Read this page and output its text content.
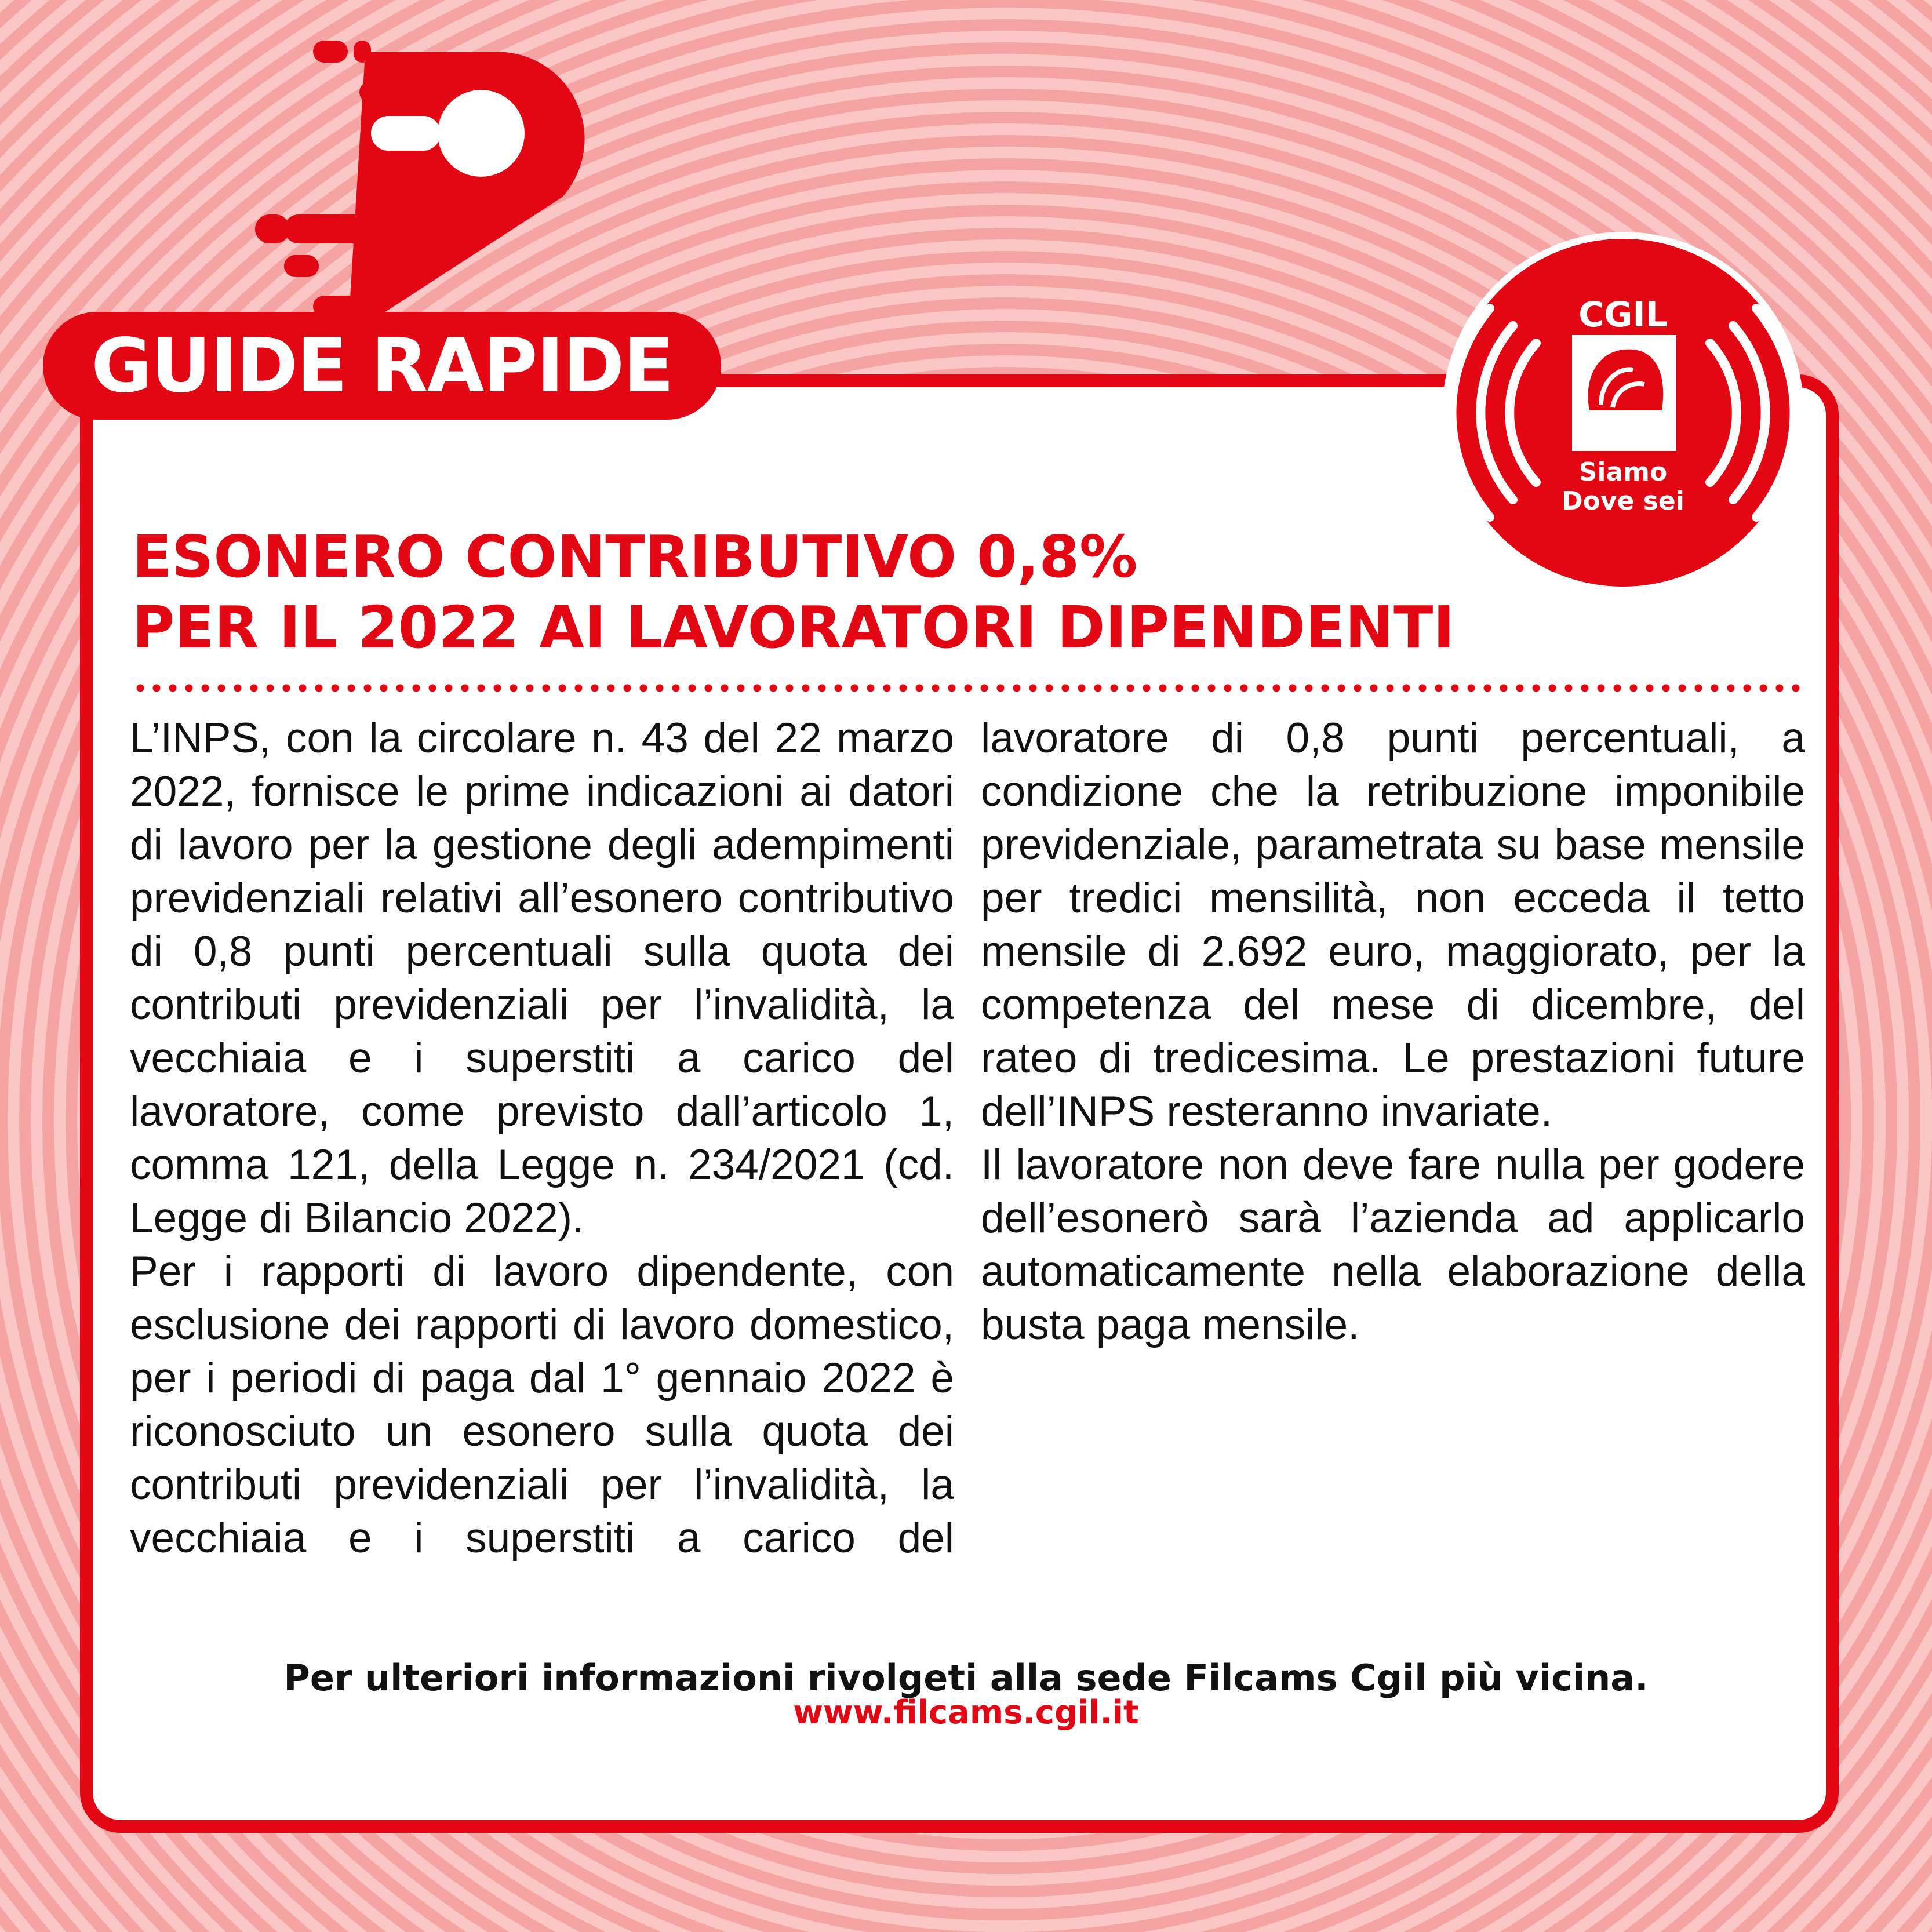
GUIDE RAPIDE
CGIL
FILCAMS
Siamo
Dove sei
ESONERO CONTRIBUTIVO 0,8%
PER IL 2022 AI LAVORATORI DIPENDENTI

L’INPS, con la circolare n. 43 del 22 marzo 2022, fornisce le prime indicazioni ai datori di lavoro per la gestione degli adempimenti previdenziali relativi all’esonero contributivo di 0,8 punti percentuali sulla quota dei contributi previdenziali per l’invalidità, la vecchiaia e i superstiti a carico del lavoratore, come previsto dall’articolo 1, comma 121, della Legge n. 234/2021 (cd. Legge di Bilancio 2022).

Per i rapporti di lavoro dipendente, con esclusione dei rapporti di lavoro domestico, per i periodi di paga dal 1° gennaio 2022 è riconosciuto un esonero sulla quota dei contributi previdenziali per l’invalidità, la vecchiaia e i superstiti a carico del lavoratore di 0,8 punti percentuali, a condizione che la retribuzione imponibile previdenziale, parametrata su base mensile per tredici mensilità, non ecceda il tetto mensile di 2.692 euro, maggiorato, per la competenza del mese di dicembre, del rateo di tredicesima. Le prestazioni future dell’INPS resteranno invariate.

Il lavoratore non deve fare nulla per godere dell’esonerò sarà l’azienda ad applicarlo automaticamente nella elaborazione della busta paga mensile.

Per ulteriori informazioni rivolgeti alla sede Filcams Cgil più vicina.
www.filcams.cgil.it
